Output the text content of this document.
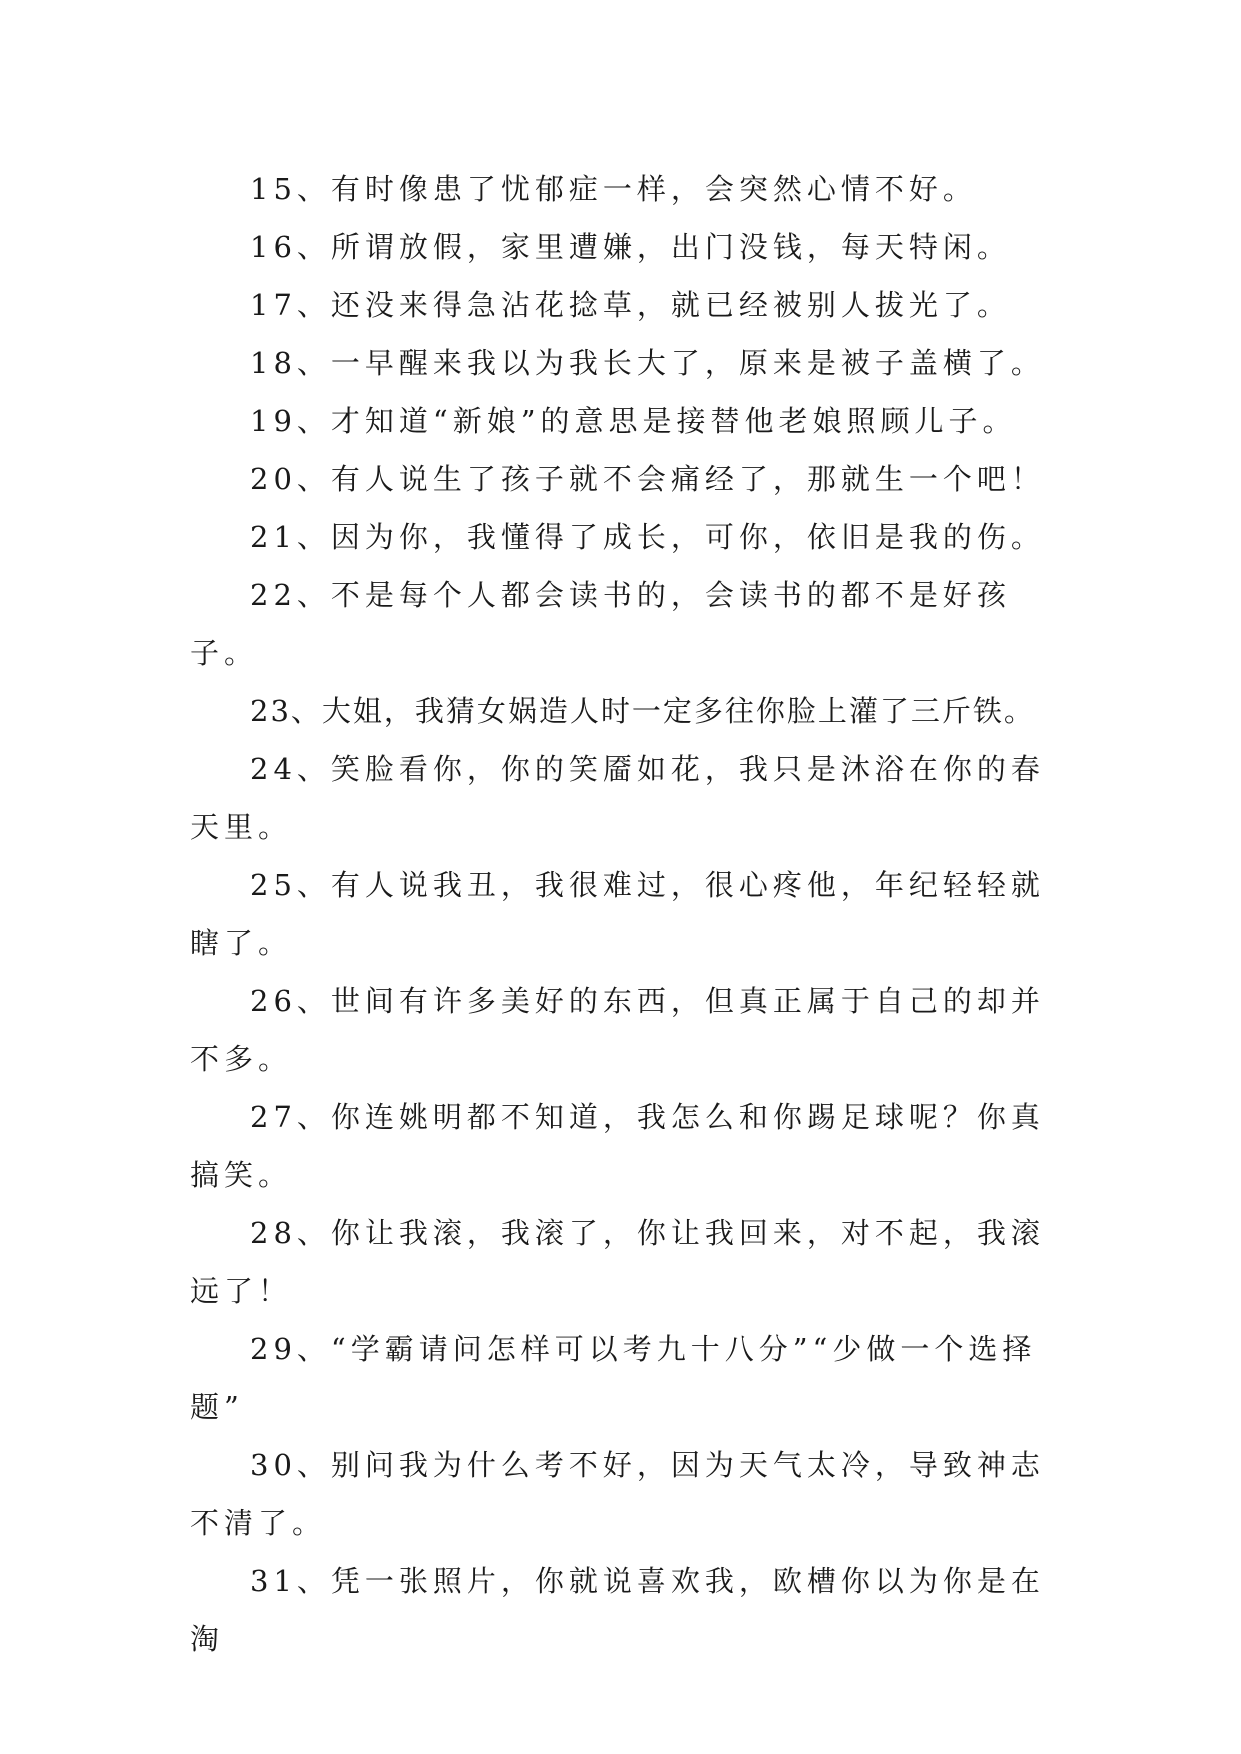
15、有时像患了忧郁症一样，会突然心情不好。

16、所谓放假，家里遭嫌，出门没钱，每天特闲。

17、还没来得急沾花捻草，就已经被别人拔光了。

18、一早醒来我以为我长大了，原来是被子盖横了。

19、才知道“新娘”的意思是接替他老娘照顾儿子。

20、有人说生了孩子就不会痛经了，那就生一个吧！

21、因为你，我懂得了成长，可你，依旧是我的伤。

22、不是每个人都会读书的，会读书的都不是好孩子。

23、大姐，我猜女娲造人时一定多往你脸上灌了三斤铁。

24、笑脸看你，你的笑靥如花，我只是沐浴在你的春天里。

25、有人说我丑，我很难过，很心疼他，年纪轻轻就瞎了。

26、世间有许多美好的东西，但真正属于自己的却并不多。

27、你连姚明都不知道，我怎么和你踢足球呢？你真搞笑。

28、你让我滚，我滚了，你让我回来，对不起，我滚远了！

29、“学霸请问怎样可以考九十八分”“少做一个选择题”

30、别问我为什么考不好，因为天气太冷，导致神志不清了。

31、凭一张照片，你就说喜欢我，欧槽你以为你是在淘
